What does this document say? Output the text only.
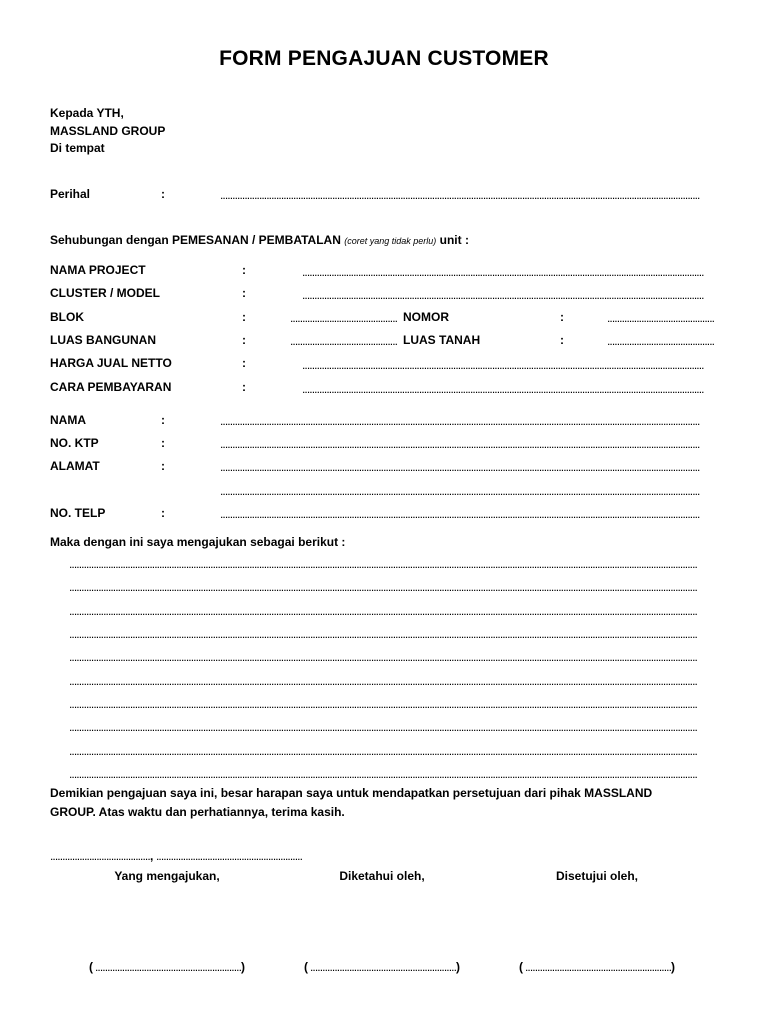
FORM PENGAJUAN CUSTOMER
Kepada YTH,
MASSLAND GROUP
Di tempat
Perihal	:
.....
Sehubungan dengan PEMESANAN / PEMBATALAN (coret yang tidak perlu) unit :
NAMA PROJECT	:
.....
CLUSTER / MODEL	:
.....
BLOK	: .....	NOMOR	:
.....
LUAS BANGUNAN	: .....	LUAS TANAH	:
.....
HARGA JUAL NETTO	:
.....
CARA PEMBAYARAN	:
.....
NAMA	:
.....
NO. KTP	:
.....
ALAMAT	:
.....
.....
NO. TELP	:
.....
Maka dengan ini saya mengajukan sebagai berikut :
.....
.....
.....
.....
.....
.....
.....
.....
.....
.....
Demikian pengajuan saya ini, besar harapan saya untuk mendapatkan persetujuan dari pihak MASSLAND
GROUP. Atas waktu dan perhatiannya, terima kasih.
.....
,
.....
Yang mengajukan,	Diketahui oleh,	Disetujui oleh,
( .....	)	( .....	)	( .....	)
